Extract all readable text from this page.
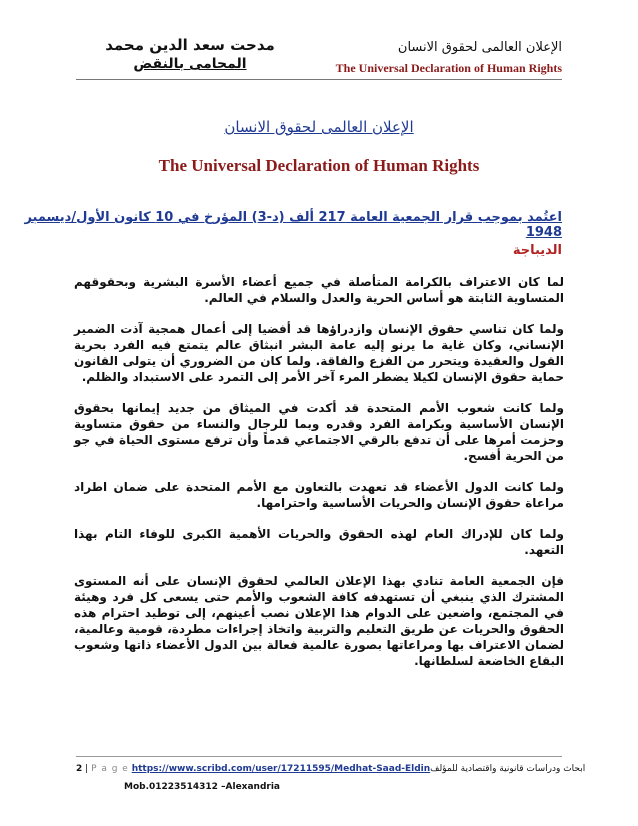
مدحت سعد الدين محمد
المحامى بالنقض
الإعلان العالمى لحقوق الانسان
The Universal Declaration of Human Rights
الإعلان العالمى لحقوق الانسان
The Universal Declaration of Human Rights
اعتُمد بموجب قرار الجمعية العامة 217 ألف (د-3) المؤرخ في 10 كانون الأول/ديسمبر 1948
الديباجة

لما كان الاعتراف بالكرامة المتأصلة في جميع أعضاء الأسرة البشرية وبحقوقهم المتساوية الثابتة هو أساس الحرية والعدل والسلام في العالم.

ولما كان تناسي حقوق الإنسان وازدراؤها قد أفضيا إلى أعمال همجية آذت الضمير الإنساني، وكان غاية ما يرنو إليه عامة البشر انبثاق عالم يتمتع فيه الفرد بحرية القول والعقيدة ويتحرر من الفزع والفاقة. ولما كان من الضروري أن يتولى القانون حماية حقوق الإنسان لكيلا يضطر المرء آخر الأمر إلى التمرد على الاستبداد والظلم.

ولما كانت شعوب الأمم المتحدة قد أكدت في الميثاق من جديد إيمانها بحقوق الإنسان الأساسية وبكرامة الفرد وقدره وبما للرجال والنساء من حقوق متساوية وحزمت أمرها على أن تدفع بالرقي الاجتماعي قدماً وأن ترفع مستوى الحياة في جو من الحرية أفسح.

ولما كانت الدول الأعضاء قد تعهدت بالتعاون مع الأمم المتحدة على ضمان اطراد مراعاة حقوق الإنسان والحريات الأساسية واحترامها.

ولما كان للإدراك العام لهذه الحقوق والحريات الأهمية الكبرى للوفاء التام بهذا التعهد.

فإن الجمعية العامة تنادي بهذا الإعلان العالمي لحقوق الإنسان على أنه المستوى المشترك الذي ينبغي أن تستهدفه كافة الشعوب والأمم حتى يسعى كل فرد وهيئة في المجتمع، واضعين على الدوام هذا الإعلان نصب أعينهم، إلى توطيد احترام هذه الحقوق والحريات عن طريق التعليم والتربية واتخاذ إجراءات مطردة، قومية وعالمية، لضمان الاعتراف بها ومراعاتها بصورة عالمية فعالة بين الدول الأعضاء ذاتها وشعوب البقاع الخاضعة لسلطانها.

2 | P a g e https://www.scribd.com/user/17211595/Medhat-Saad-Eldinابحاث ودراسات قانونية واقتصادية للمؤلف
Mob.01223514312 –Alexandria
